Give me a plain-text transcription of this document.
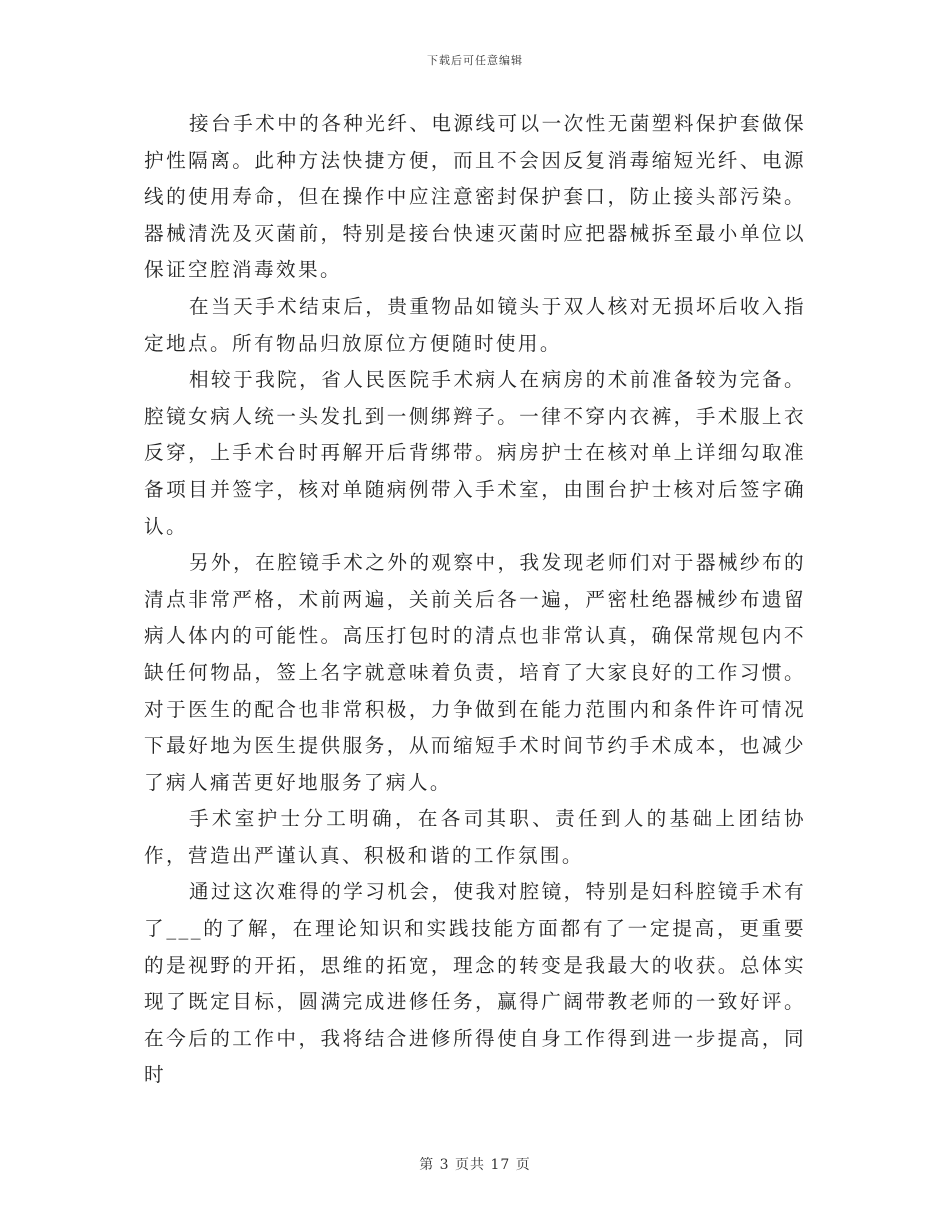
下载后可任意编辑

接台手术中的各种光纤、电源线可以一次性无菌塑料保护套做保护性隔离。此种方法快捷方便，而且不会因反复消毒缩短光纤、电源线的使用寿命，但在操作中应注意密封保护套口，防止接头部污染。器械清洗及灭菌前，特别是接台快速灭菌时应把器械拆至最小单位以保证空腔消毒效果。

在当天手术结束后，贵重物品如镜头于双人核对无损坏后收入指定地点。所有物品归放原位方便随时使用。

相较于我院，省人民医院手术病人在病房的术前准备较为完备。腔镜女病人统一头发扎到一侧绑辫子。一律不穿内衣裤，手术服上衣反穿，上手术台时再解开后背绑带。病房护士在核对单上详细勾取准备项目并签字，核对单随病例带入手术室，由围台护士核对后签字确认。

另外，在腔镜手术之外的观察中，我发现老师们对于器械纱布的清点非常严格，术前两遍，关前关后各一遍，严密杜绝器械纱布遗留病人体内的可能性。高压打包时的清点也非常认真，确保常规包内不缺任何物品，签上名字就意味着负责，培育了大家良好的工作习惯。对于医生的配合也非常积极，力争做到在能力范围内和条件许可情况下最好地为医生提供服务，从而缩短手术时间节约手术成本，也减少了病人痛苦更好地服务了病人。

手术室护士分工明确，在各司其职、责任到人的基础上团结协作，营造出严谨认真、积极和谐的工作氛围。

通过这次难得的学习机会，使我对腔镜，特别是妇科腔镜手术有了___的了解，在理论知识和实践技能方面都有了一定提高，更重要的是视野的开拓，思维的拓宽，理念的转变是我最大的收获。总体实现了既定目标，圆满完成进修任务，赢得广阔带教老师的一致好评。在今后的工作中，我将结合进修所得使自身工作得到进一步提高，同时

第 3 页共 17 页
